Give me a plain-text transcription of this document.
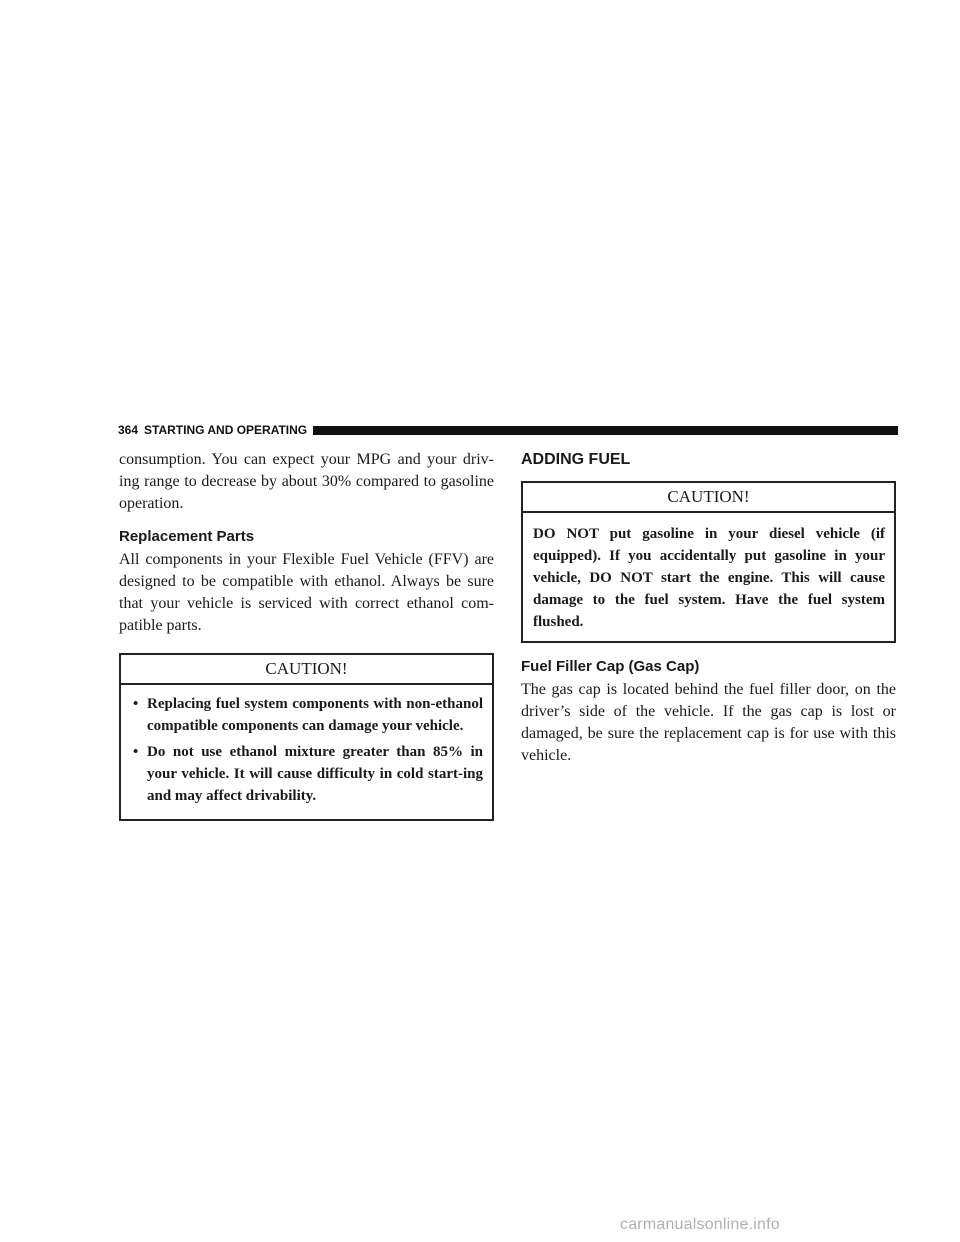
364 STARTING AND OPERATING

consumption. You can expect your MPG and your driv-ing range to decrease by about 30% compared to gasoline operation.

Replacement Parts

All components in your Flexible Fuel Vehicle (FFV) are designed to be compatible with ethanol. Always be sure that your vehicle is serviced with correct ethanol com-patible parts.

CAUTION!
• Replacing fuel system components with non-ethanol compatible components can damage your vehicle.
• Do not use ethanol mixture greater than 85% in your vehicle. It will cause difficulty in cold start-ing and may affect drivability.
ADDING FUEL
CAUTION!
DO NOT put gasoline in your diesel vehicle (if equipped). If you accidentally put gasoline in your vehicle, DO NOT start the engine. This will cause damage to the fuel system. Have the fuel system flushed.
Fuel Filler Cap (Gas Cap)

The gas cap is located behind the fuel filler door, on the driver’s side of the vehicle. If the gas cap is lost or damaged, be sure the replacement cap is for use with this vehicle.

carmanualsonline.info
